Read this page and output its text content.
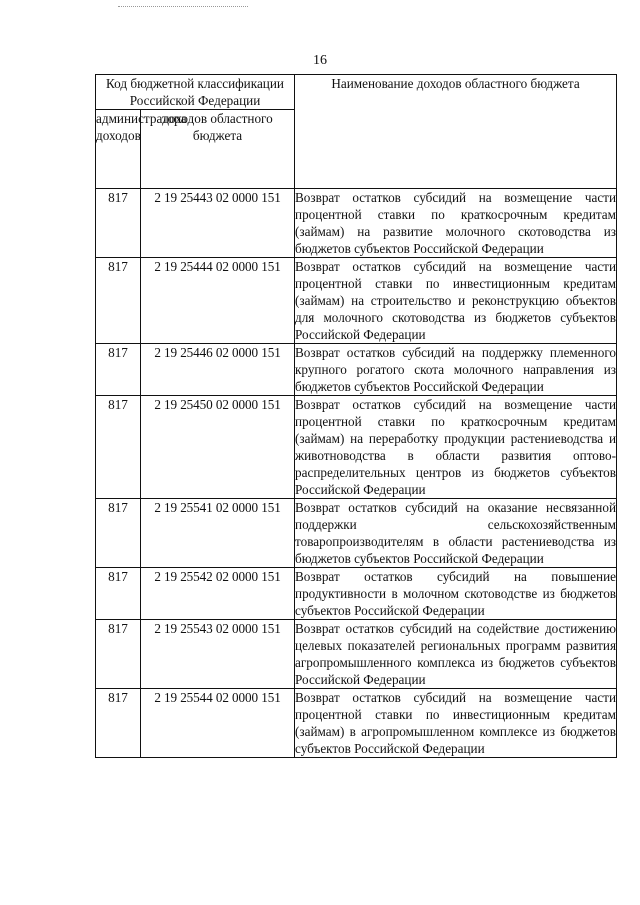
16
Код бюджетной классификации Российской Федерации		Наименование доходов областного бюджета
администратора доходов	доходов областного бюджета	
817	2 19 25443 02 0000 151	Возврат остатков субсидий на возмещение части процентной ставки по краткосрочным кредитам (займам) на развитие молочного скотоводства из бюджетов субъектов Российской Федерации
817	2 19 25444 02 0000 151	Возврат остатков субсидий на возмещение части процентной ставки по инвестиционным кредитам (займам) на строительство и реконструкцию объектов для молочного скотоводства из бюджетов субъектов Российской Федерации
817	2 19 25446 02 0000 151	Возврат остатков субсидий на поддержку племенного крупного рогатого скота молочного направления из бюджетов субъектов Российской Федерации
817	2 19 25450 02 0000 151	Возврат остатков субсидий на возмещение части процентной ставки по краткосрочным кредитам (займам) на переработку продукции растениеводства и животноводства в области развития оптово-распределительных центров из бюджетов субъектов Российской Федерации
817	2 19 25541 02 0000 151	Возврат остатков субсидий на оказание несвязанной поддержки сельскохозяйственным товаропроизводителям в области растениеводства из бюджетов субъектов Российской Федерации
817	2 19 25542 02 0000 151	Возврат остатков субсидий на повышение продуктивности в молочном скотоводстве из бюджетов субъектов Российской Федерации
817	2 19 25543 02 0000 151	Возврат остатков субсидий на содействие достижению целевых показателей региональных программ развития агропромышленного комплекса из бюджетов субъектов Российской Федерации
817	2 19 25544 02 0000 151	Возврат остатков субсидий на возмещение части процентной ставки по инвестиционным кредитам (займам) в агропромышленном комплексе из бюджетов субъектов Российской Федерации
